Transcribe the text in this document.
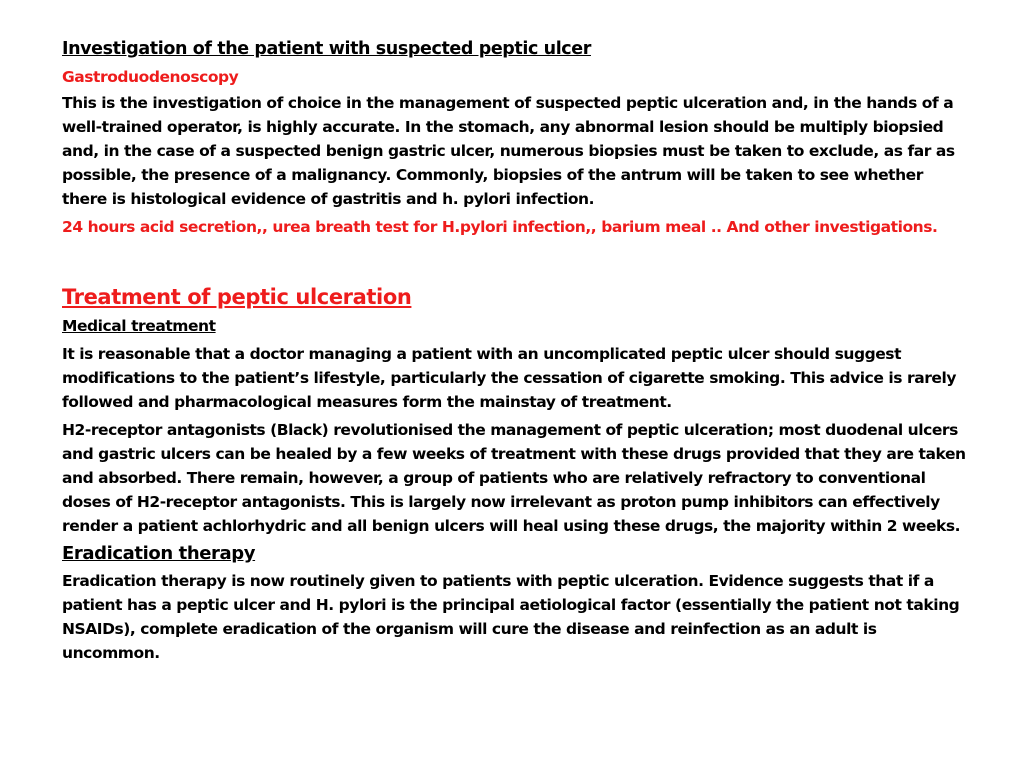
Investigation of the patient with suspected peptic ulcer

Gastroduodenoscopy

This is the investigation of choice in the management of suspected peptic ulceration and, in the hands of a well-trained operator, is highly accurate. In the stomach, any abnormal lesion should be multiply biopsied and, in the case of a suspected benign gastric ulcer, numerous biopsies must be taken to exclude, as far as possible, the presence of a malignancy. Commonly, biopsies of the antrum will be taken to see whether there is histological evidence of gastritis and h. pylori infection.

24 hours acid secretion,, urea breath test for H.pylori infection,, barium meal .. And other investigations.

Treatment of peptic ulceration

Medical treatment

It is reasonable that a doctor managing a patient with an uncomplicated peptic ulcer should suggest modifications to the patient’s lifestyle, particularly the cessation of cigarette smoking. This advice is rarely followed and pharmacological measures form the mainstay of treatment.

H2-receptor antagonists (Black) revolutionised the management of peptic ulceration; most duodenal ulcers and gastric ulcers can be healed by a few weeks of treatment with these drugs provided that they are taken and absorbed. There remain, however, a group of patients who are relatively refractory to conventional doses of H2-receptor antagonists. This is largely now irrelevant as proton pump inhibitors can effectively render a patient achlorhydric and all benign ulcers will heal using these drugs, the majority within 2 weeks.

Eradication therapy

Eradication therapy is now routinely given to patients with peptic ulceration. Evidence suggests that if a patient has a peptic ulcer and H. pylori is the principal aetiological factor (essentially the patient not taking NSAIDs), complete eradication of the organism will cure the disease and reinfection as an adult is uncommon.
